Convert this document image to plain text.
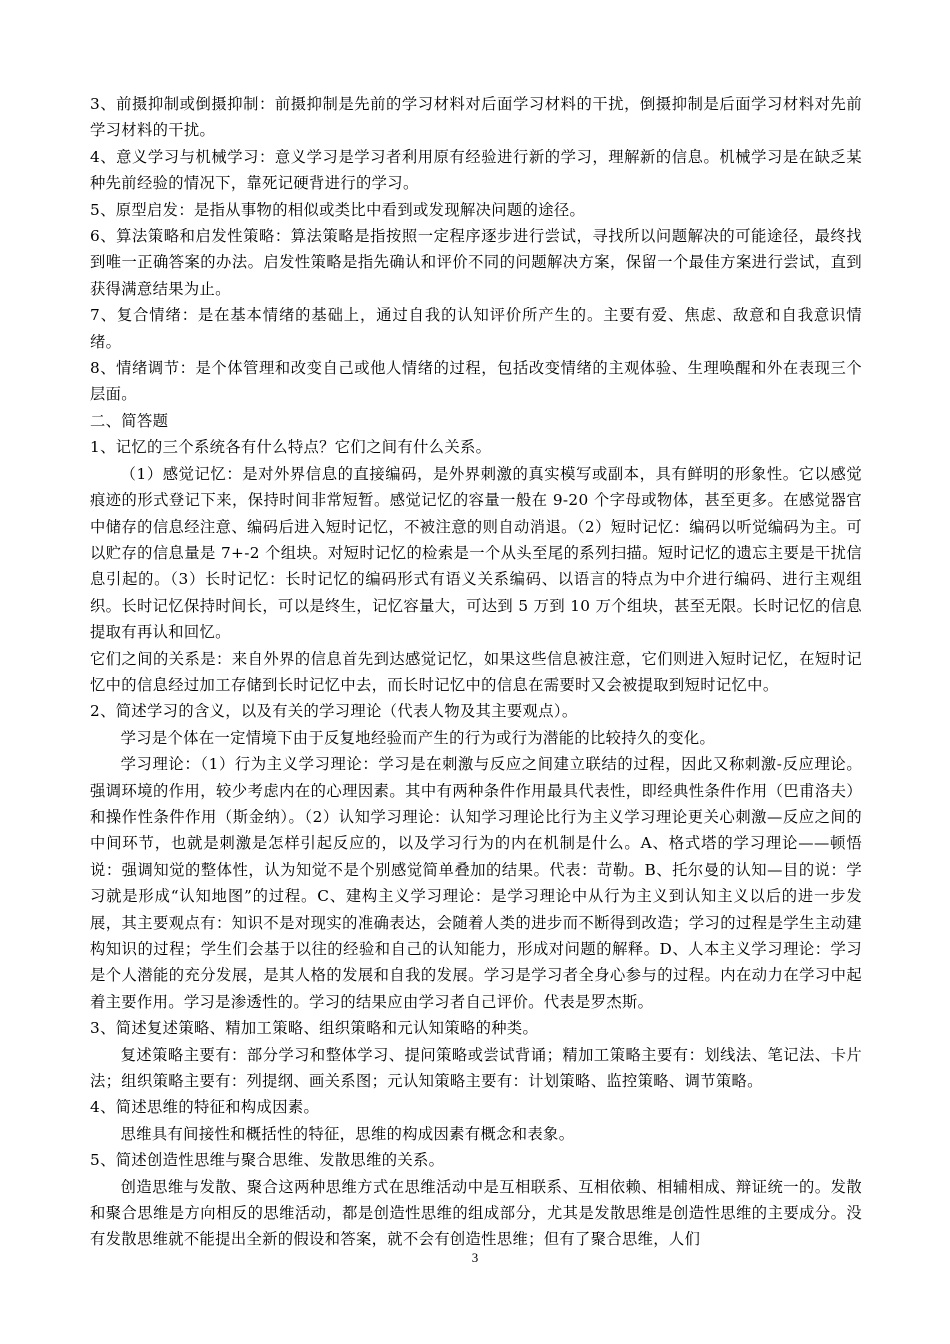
3、前摄抑制或倒摄抑制：前摄抑制是先前的学习材料对后面学习材料的干扰，倒摄抑制是后面学习材料对先前学习材料的干扰。

4、意义学习与机械学习：意义学习是学习者利用原有经验进行新的学习，理解新的信息。机械学习是在缺乏某种先前经验的情况下，靠死记硬背进行的学习。

5、原型启发：是指从事物的相似或类比中看到或发现解决问题的途径。

6、算法策略和启发性策略：算法策略是指按照一定程序逐步进行尝试，寻找所以问题解决的可能途径，最终找到唯一正确答案的办法。启发性策略是指先确认和评价不同的问题解决方案，保留一个最佳方案进行尝试，直到获得满意结果为止。

7、复合情绪：是在基本情绪的基础上，通过自我的认知评价所产生的。主要有爱、焦虑、敌意和自我意识情绪。

8、情绪调节：是个体管理和改变自己或他人情绪的过程，包括改变情绪的主观体验、生理唤醒和外在表现三个层面。

二、简答题

1、记忆的三个系统各有什么特点？它们之间有什么关系。

（1）感觉记忆：是对外界信息的直接编码，是外界刺激的真实模写或副本，具有鲜明的形象性。它以感觉痕迹的形式登记下来，保持时间非常短暂。感觉记忆的容量一般在 9-20 个字母或物体，甚至更多。在感觉器官中储存的信息经注意、编码后进入短时记忆，不被注意的则自动消退。（2）短时记忆：编码以听觉编码为主。可以贮存的信息量是 7+-2 个组块。对短时记忆的检索是一个从头至尾的系列扫描。短时记忆的遗忘主要是干扰信息引起的。（3）长时记忆：长时记忆的编码形式有语义关系编码、以语言的特点为中介进行编码、进行主观组织。长时记忆保持时间长，可以是终生，记忆容量大，可达到 5 万到 10 万个组块，甚至无限。长时记忆的信息提取有再认和回忆。

它们之间的关系是：来自外界的信息首先到达感觉记忆，如果这些信息被注意，它们则进入短时记忆，在短时记忆中的信息经过加工存储到长时记忆中去，而长时记忆中的信息在需要时又会被提取到短时记忆中。

2、简述学习的含义，以及有关的学习理论（代表人物及其主要观点）。

学习是个体在一定情境下由于反复地经验而产生的行为或行为潜能的比较持久的变化。

学习理论：（1）行为主义学习理论：学习是在刺激与反应之间建立联结的过程，因此又称刺激-反应理论。强调环境的作用，较少考虑内在的心理因素。其中有两种条件作用最具代表性，即经典性条件作用（巴甫洛夫）和操作性条件作用（斯金纳）。（2）认知学习理论：认知学习理论比行为主义学习理论更关心刺激—反应之间的中间环节，也就是刺激是怎样引起反应的，以及学习行为的内在机制是什么。A、格式塔的学习理论——顿悟说：强调知觉的整体性，认为知觉不是个别感觉简单叠加的结果。代表：苛勒。B、托尔曼的认知—目的说：学习就是形成“认知地图”的过程。C、建构主义学习理论：是学习理论中从行为主义到认知主义以后的进一步发展，其主要观点有：知识不是对现实的准确表达，会随着人类的进步而不断得到改造；学习的过程是学生主动建构知识的过程；学生们会基于以往的经验和自己的认知能力，形成对问题的解释。D、人本主义学习理论：学习是个人潜能的充分发展，是其人格的发展和自我的发展。学习是学习者全身心参与的过程。内在动力在学习中起着主要作用。学习是渗透性的。学习的结果应由学习者自己评价。代表是罗杰斯。

3、简述复述策略、精加工策略、组织策略和元认知策略的种类。

复述策略主要有：部分学习和整体学习、提问策略或尝试背诵；精加工策略主要有：划线法、笔记法、卡片法；组织策略主要有：列提纲、画关系图；元认知策略主要有：计划策略、监控策略、调节策略。

4、简述思维的特征和构成因素。

思维具有间接性和概括性的特征，思维的构成因素有概念和表象。

5、简述创造性思维与聚合思维、发散思维的关系。

创造思维与发散、聚合这两种思维方式在思维活动中是互相联系、互相依赖、相辅相成、辩证统一的。发散和聚合思维是方向相反的思维活动，都是创造性思维的组成部分，尤其是发散思维是创造性思维的主要成分。没有发散思维就不能提出全新的假设和答案，就不会有创造性思维；但有了聚合思维，人们

3
